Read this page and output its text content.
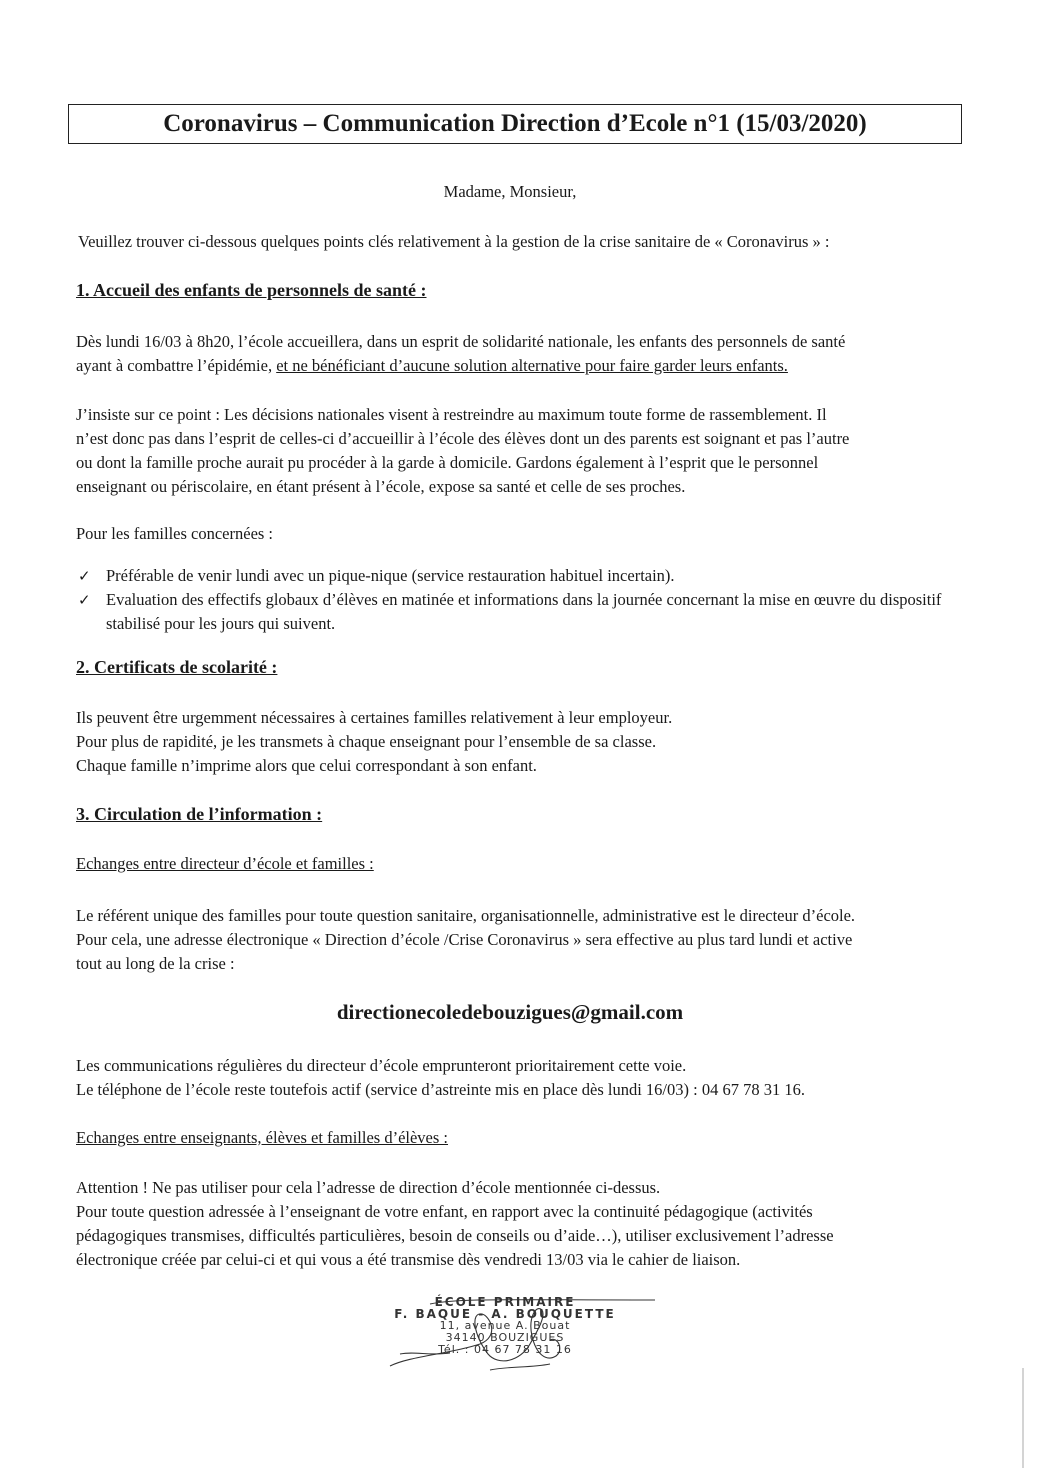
Coronavirus – Communication Direction d’Ecole n°1 (15/03/2020)
Madame, Monsieur,
Veuillez trouver ci-dessous quelques points clés relativement à la gestion de la crise sanitaire de « Coronavirus » :
1. Accueil des enfants de personnels de santé :
Dès lundi 16/03 à 8h20, l’école accueillera, dans un esprit de solidarité nationale, les enfants des personnels de santé
ayant à combattre l’épidémie, et ne bénéficiant d’aucune solution alternative pour faire garder leurs enfants.
J’insiste sur ce point : Les décisions nationales visent à restreindre au maximum toute forme de rassemblement. Il
n’est donc pas dans l’esprit de celles-ci d’accueillir à l’école des élèves dont un des parents est soignant et pas l’autre
ou dont la famille proche aurait pu procéder à la garde à domicile. Gardons également à l’esprit que le personnel
enseignant ou périscolaire, en étant présent à l’école, expose sa santé et celle de ses proches.
Pour les familles concernées :
✓ Préférable de venir lundi avec un pique-nique (service restauration habituel incertain).
✓ Evaluation des effectifs globaux d’élèves en matinée et informations dans la journée concernant la mise en œuvre du dispositif stabilisé pour les jours qui suivent.
2. Certificats de scolarité :
Ils peuvent être urgemment nécessaires à certaines familles relativement à leur employeur.
Pour plus de rapidité, je les transmets à chaque enseignant pour l’ensemble de sa classe.
Chaque famille n’imprime alors que celui correspondant à son enfant.
3. Circulation de l’information :
Echanges entre directeur d’école et familles :
Le référent unique des familles pour toute question sanitaire, organisationnelle, administrative est le directeur d’école.
Pour cela, une adresse électronique « Direction d’école /Crise Coronavirus » sera effective au plus tard lundi et active
tout au long de la crise :
directionecoledebouzigues@gmail.com
Les communications régulières du directeur d’école emprunteront prioritairement cette voie.
Le téléphone de l’école reste toutefois actif (service d’astreinte mis en place dès lundi 16/03) : 04 67 78 31 16.
Echanges entre enseignants, élèves et familles d’élèves :
Attention ! Ne pas utiliser pour cela l’adresse de direction d’école mentionnée ci-dessus.
Pour toute question adressée à l’enseignant de votre enfant, en rapport avec la continuité pédagogique (activités
pédagogiques transmises, difficultés particulières, besoin de conseils ou d’aide…), utiliser exclusivement l’adresse
électronique créée par celui-ci et qui vous a été transmise dès vendredi 13/03 via le cahier de liaison.
ÉCOLE PRIMAIRE
F. BAQUE - A. BOUQUETTE
11, avenue A. Bouat
34140 BOUZIGUES
Tél. : 04 67 78 31 16
